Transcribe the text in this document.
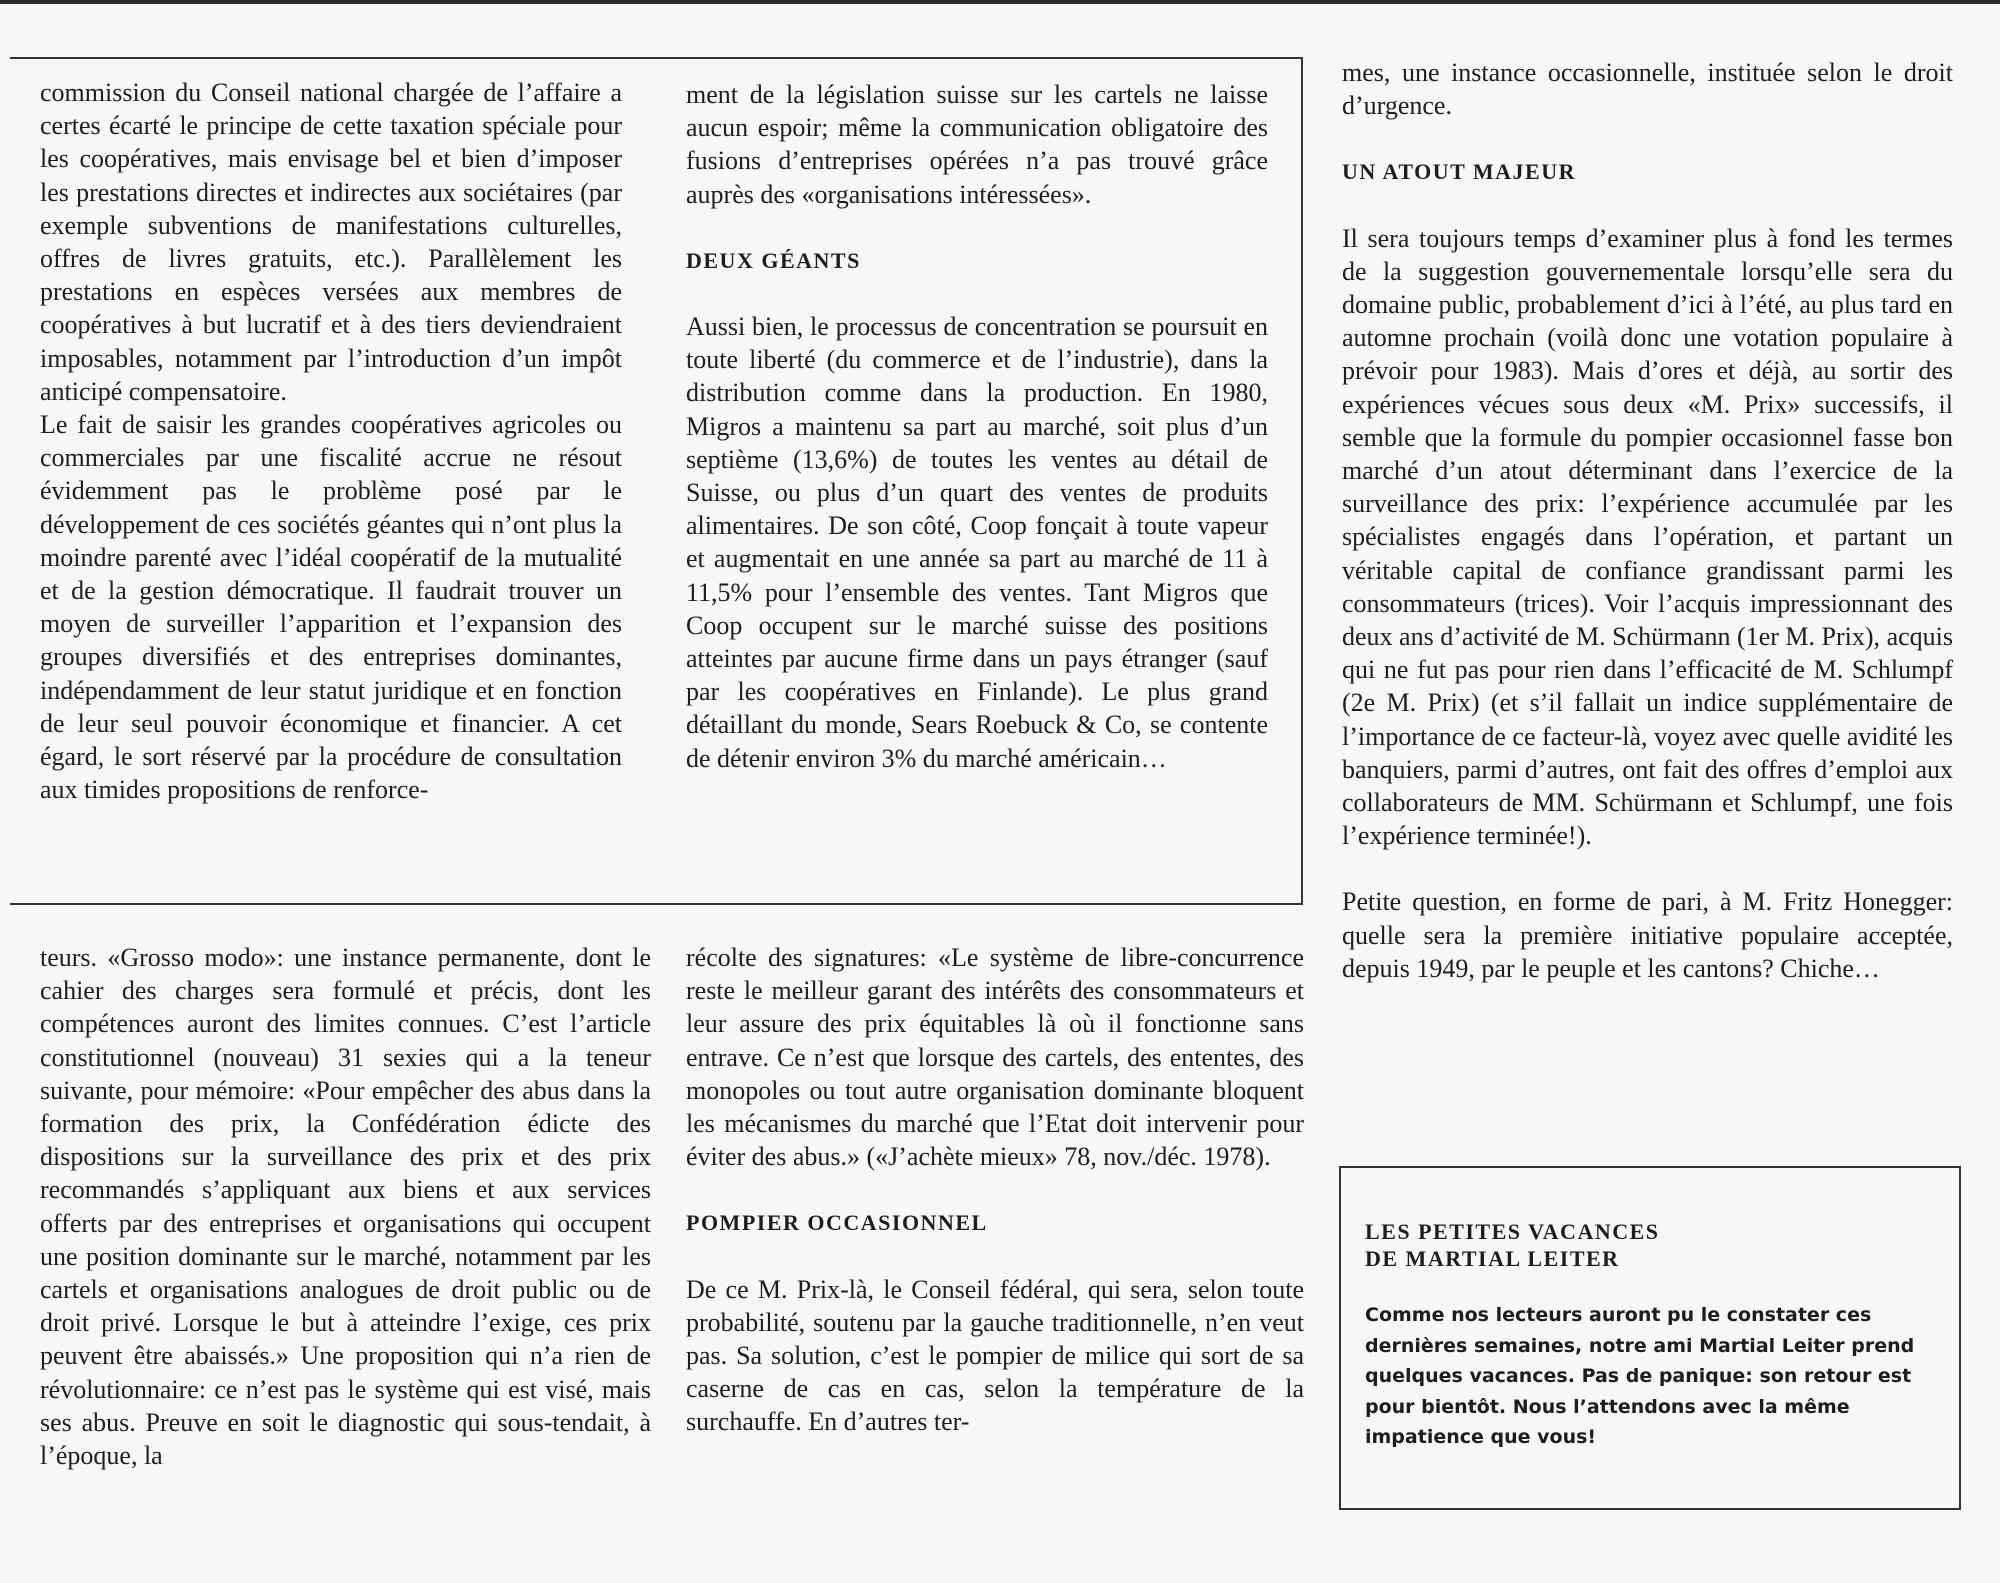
commission du Conseil national chargée de l’affaire a certes écarté le principe de cette taxation spéciale pour les coopératives, mais envisage bel et bien d’imposer les prestations directes et indirectes aux sociétaires (par exemple subventions de manifestations culturelles, offres de livres gratuits, etc.). Parallèlement les prestations en espèces versées aux membres de coopératives à but lucratif et à des tiers deviendraient imposables, notamment par l’introduction d’un impôt anticipé compensatoire.

Le fait de saisir les grandes coopératives agricoles ou commerciales par une fiscalité accrue ne résout évidemment pas le problème posé par le développement de ces sociétés géantes qui n’ont plus la moindre parenté avec l’idéal coopératif de la mutualité et de la gestion démocratique. Il faudrait trouver un moyen de surveiller l’apparition et l’expansion des groupes diversifiés et des entreprises dominantes, indépendamment de leur statut juridique et en fonction de leur seul pouvoir économique et financier. A cet égard, le sort réservé par la procédure de consultation aux timides propositions de renforce-

ment de la législation suisse sur les cartels ne laisse aucun espoir; même la communication obligatoire des fusions d’entreprises opérées n’a pas trouvé grâce auprès des «organisations intéressées».

DEUX GÉANTS

Aussi bien, le processus de concentration se poursuit en toute liberté (du commerce et de l’industrie), dans la distribution comme dans la production. En 1980, Migros a maintenu sa part au marché, soit plus d’un septième (13,6%) de toutes les ventes au détail de Suisse, ou plus d’un quart des ventes de produits alimentaires. De son côté, Coop fonçait à toute vapeur et augmentait en une année sa part au marché de 11 à 11,5% pour l’ensemble des ventes. Tant Migros que Coop occupent sur le marché suisse des positions atteintes par aucune firme dans un pays étranger (sauf par les coopératives en Finlande). Le plus grand détaillant du monde, Sears Roebuck & Co, se contente de détenir environ 3% du marché américain…

teurs. «Grosso modo»: une instance permanente, dont le cahier des charges sera formulé et précis, dont les compétences auront des limites connues. C’est l’article constitutionnel (nouveau) 31 sexies qui a la teneur suivante, pour mémoire: «Pour empêcher des abus dans la formation des prix, la Confédération édicte des dispositions sur la surveillance des prix et des prix recommandés s’appliquant aux biens et aux services offerts par des entreprises et organisations qui occupent une position dominante sur le marché, notamment par les cartels et organisations analogues de droit public ou de droit privé. Lorsque le but à atteindre l’exige, ces prix peuvent être abaissés.» Une proposition qui n’a rien de révolutionnaire: ce n’est pas le système qui est visé, mais ses abus. Preuve en soit le diagnostic qui sous-tendait, à l’époque, la

récolte des signatures: «Le système de libre-concurrence reste le meilleur garant des intérêts des consommateurs et leur assure des prix équitables là où il fonctionne sans entrave. Ce n’est que lorsque des cartels, des ententes, des monopoles ou tout autre organisation dominante bloquent les mécanismes du marché que l’Etat doit intervenir pour éviter des abus.» («J’achète mieux» 78, nov./déc. 1978).

POMPIER OCCASIONNEL

De ce M. Prix-là, le Conseil fédéral, qui sera, selon toute probabilité, soutenu par la gauche traditionnelle, n’en veut pas. Sa solution, c’est le pompier de milice qui sort de sa caserne de cas en cas, selon la température de la surchauffe. En d’autres ter-

mes, une instance occasionnelle, instituée selon le droit d’urgence.

UN ATOUT MAJEUR

Il sera toujours temps d’examiner plus à fond les termes de la suggestion gouvernementale lorsqu’elle sera du domaine public, probablement d’ici à l’été, au plus tard en automne prochain (voilà donc une votation populaire à prévoir pour 1983). Mais d’ores et déjà, au sortir des expériences vécues sous deux «M. Prix» successifs, il semble que la formule du pompier occasionnel fasse bon marché d’un atout déterminant dans l’exercice de la surveillance des prix: l’expérience accumulée par les spécialistes engagés dans l’opération, et partant un véritable capital de confiance grandissant parmi les consommateurs (trices). Voir l’acquis impressionnant des deux ans d’activité de M. Schürmann (1er M. Prix), acquis qui ne fut pas pour rien dans l’efficacité de M. Schlumpf (2e M. Prix) (et s’il fallait un indice supplémentaire de l’importance de ce facteur-là, voyez avec quelle avidité les banquiers, parmi d’autres, ont fait des offres d’emploi aux collaborateurs de MM. Schürmann et Schlumpf, une fois l’expérience terminée!).

Petite question, en forme de pari, à M. Fritz Honegger: quelle sera la première initiative populaire acceptée, depuis 1949, par le peuple et les cantons? Chiche…

LES PETITES VACANCES
DE MARTIAL LEITER
Comme nos lecteurs auront pu le constater ces dernières semaines, notre ami Martial Leiter prend quelques vacances. Pas de panique: son retour est pour bientôt. Nous l’attendons avec la même impatience que vous!
